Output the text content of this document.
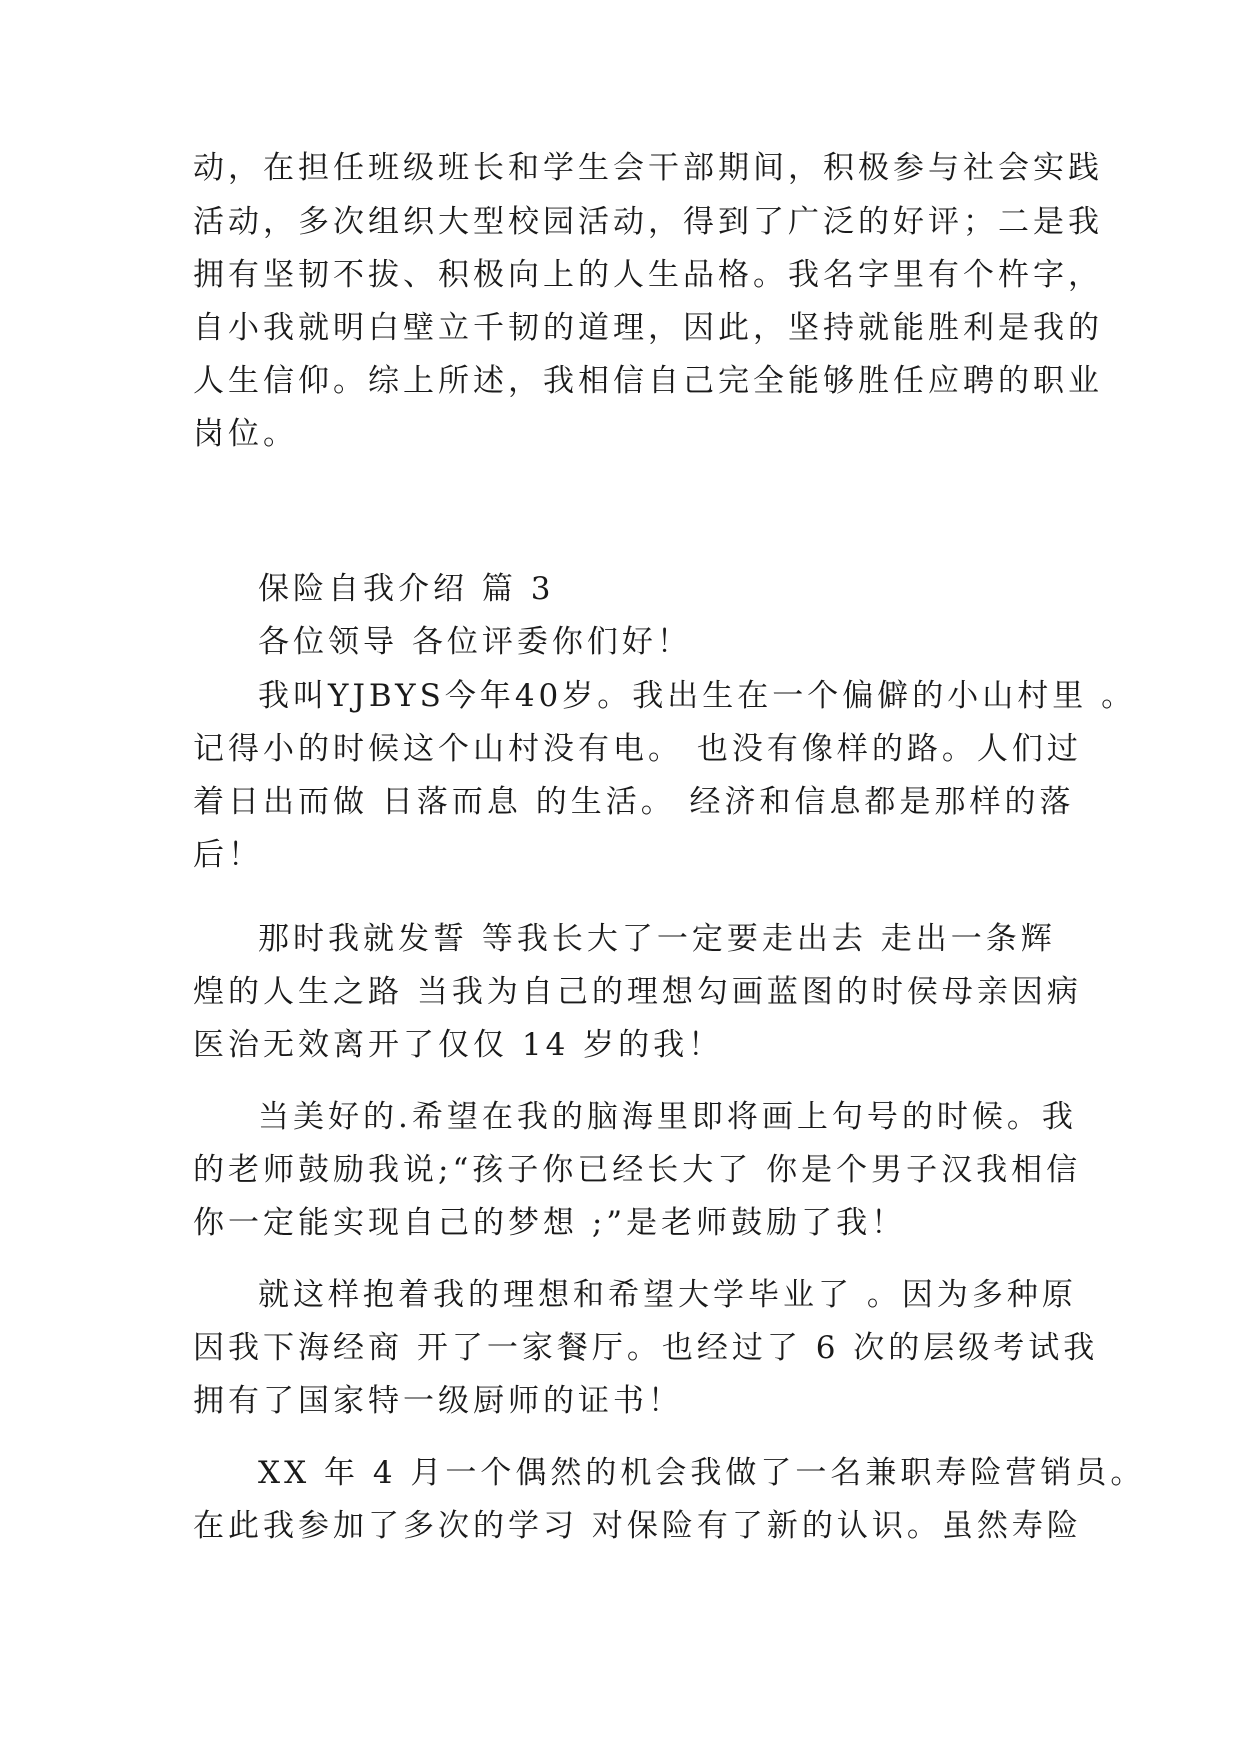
动，在担任班级班长和学生会干部期间，积极参与社会实践
活动，多次组织大型校园活动，得到了广泛的好评；二是我
拥有坚韧不拔、积极向上的人生品格。我名字里有个杵字，
自小我就明白壁立千韧的道理，因此，坚持就能胜利是我的
人生信仰。综上所述，我相信自己完全能够胜任应聘的职业
岗位。
保险自我介绍 篇 3
各位领导 各位评委你们好！
我叫YJBYS今年40岁。我出生在一个偏僻的小山村里 。
记得小的时候这个山村没有电。 也没有像样的路。人们过
着日出而做 日落而息 的生活。 经济和信息都是那样的落
后！
那时我就发誓 等我长大了一定要走出去 走出一条辉
煌的人生之路 当我为自己的理想勾画蓝图的时侯母亲因病
医治无效离开了仅仅 14 岁的我！
当美好的.希望在我的脑海里即将画上句号的时候。我
的老师鼓励我说;“孩子你已经长大了 你是个男子汉我相信
你一定能实现自己的梦想 ;”是老师鼓励了我！
就这样抱着我的理想和希望大学毕业了 。因为多种原
因我下海经商 开了一家餐厅。也经过了 6 次的层级考试我
拥有了国家特一级厨师的证书！
XX 年 4 月一个偶然的机会我做了一名兼职寿险营销员。
在此我参加了多次的学习 对保险有了新的认识。虽然寿险
